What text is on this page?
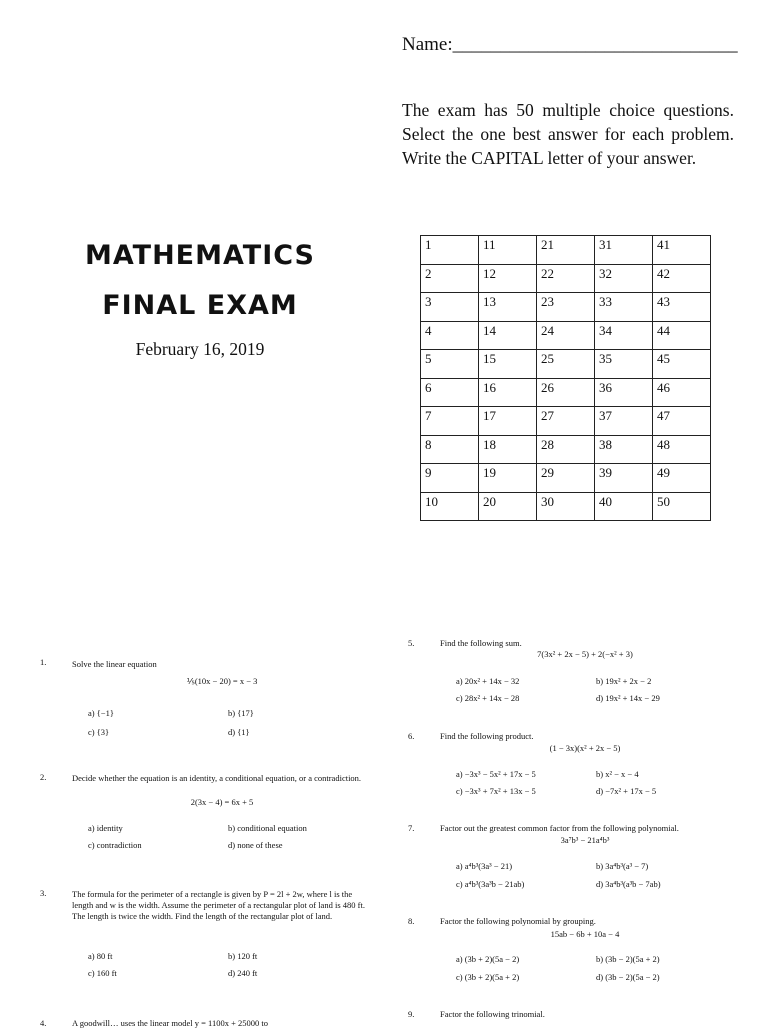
Name:______________________________
The exam has 50 multiple choice questions. Select the one best answer for each problem. Write the CAPITAL letter of your answer.
MATHEMATICS
FINAL EXAM
February 16, 2019
1	11	21	31	41
2	12	22	32	42
3	13	23	33	43
4	14	24	34	44
5	15	25	35	45
6	16	26	36	46
7	17	27	37	47
8	18	28	38	48
9	19	29	39	49
10	20	30	40	50
1.	Solve the linear equation
⅕(10x − 20) = x − 3
a) {−1}	b) {17}
c) {3}	d) {1}
2.	Decide whether the equation is an identity, a conditional equation, or a contradiction.
2(3x − 4) = 6x + 5
a) identity	b) conditional equation
c) contradiction	d) none of these
3.	The formula for the perimeter of a rectangle is given by P = 2l + 2w, where l is the length and w is the width. Assume the perimeter of a rectangular plot of land is 480 ft. The length is twice the width. Find the length of the rectangular plot of land.
a) 80 ft	b) 120 ft
c) 160 ft	d) 240 ft
4.	A goodwill… uses the linear model y = 1100x + 25000 to
5.	Find the following sum.
7(3x² + 2x − 5) + 2(−x² + 3)
a) 20x² + 14x − 32	b) 19x² + 2x − 2
c) 28x² + 14x − 28	d) 19x² + 14x − 29
6.	Find the following product.
(1 − 3x)(x² + 2x − 5)
a) −3x³ − 5x² + 17x − 5	b) x² − x − 4
c) −3x³ + 7x² + 13x − 5	d) −7x² + 17x − 5
7.	Factor out the greatest common factor from the following polynomial.
3a⁷b³ − 21a⁴b³
a) a⁴b³(3a³ − 21)	b) 3a⁴b³(a³ − 7)
c) a⁴b³(3a³b − 21ab)	d) 3a⁴b³(a³b − 7ab)
8.	Factor the following polynomial by grouping.
15ab − 6b + 10a − 4
a) (3b + 2)(5a − 2)	b) (3b − 2)(5a + 2)
c) (3b + 2)(5a + 2)	d) (3b − 2)(5a − 2)
9.	Factor the following trinomial.
